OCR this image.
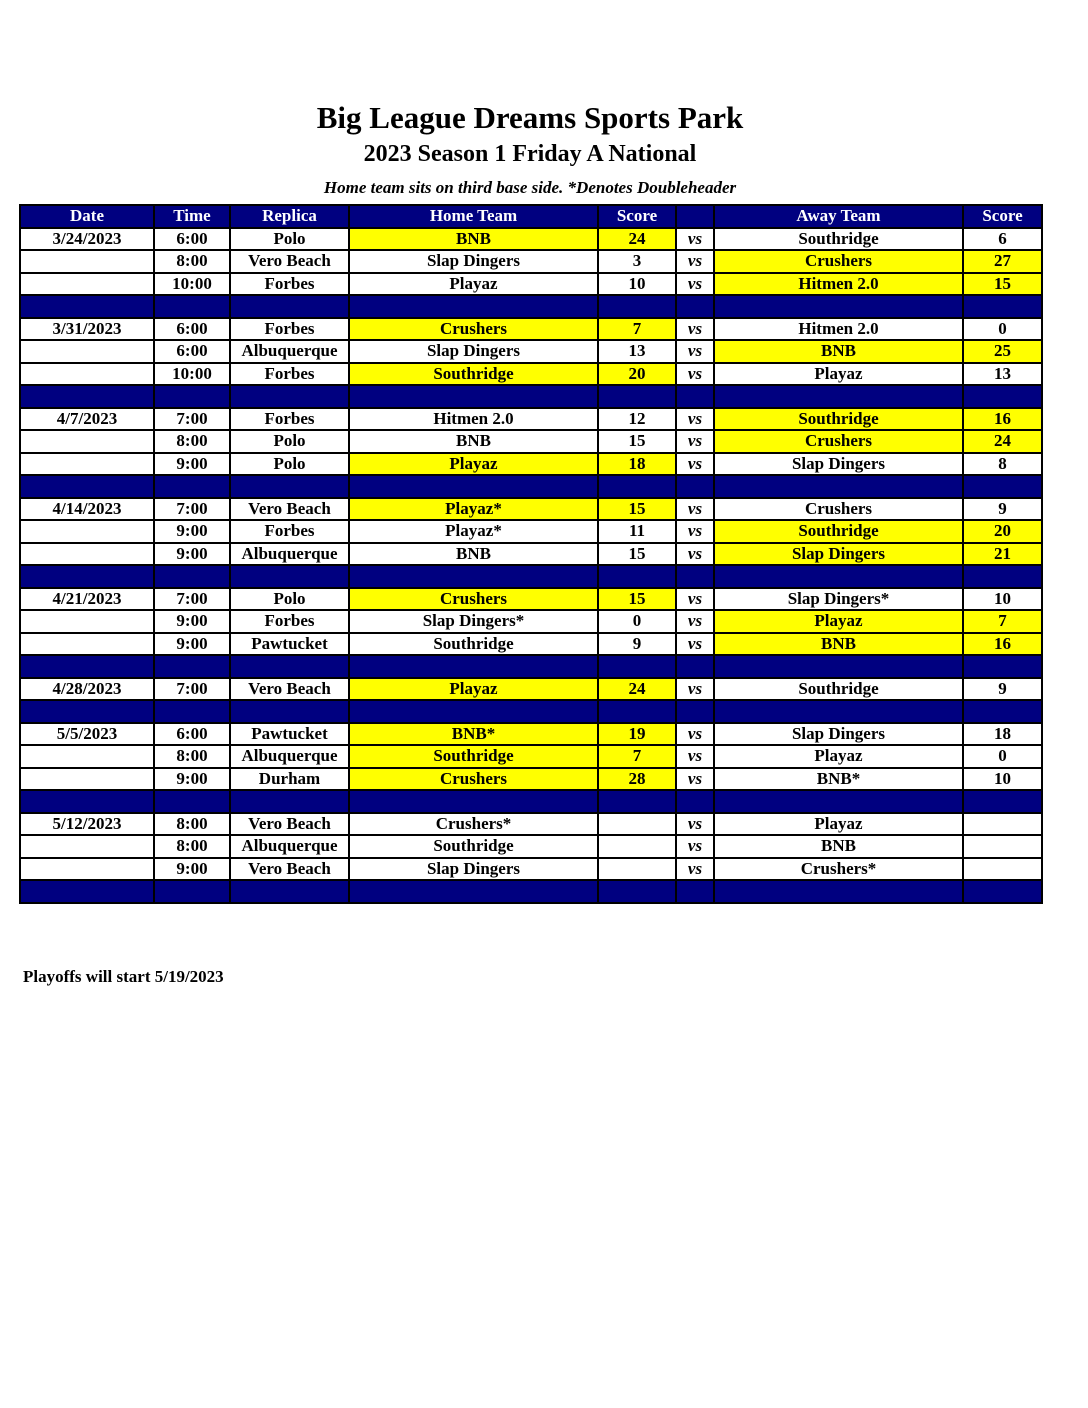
Big League Dreams Sports Park
2023 Season 1 Friday A National
Home team sits on third base side. *Denotes Doubleheader
Date	Time	Replica	Home Team	Score		Away Team	Score
3/24/2023	6:00	Polo	BNB	24	vs	Southridge	6
	8:00	Vero Beach	Slap Dingers	3	vs	Crushers	27
	10:00	Forbes	Playaz	10	vs	Hitmen 2.0	15

3/31/2023	6:00	Forbes	Crushers	7	vs	Hitmen 2.0	0
	6:00	Albuquerque	Slap Dingers	13	vs	BNB	25
	10:00	Forbes	Southridge	20	vs	Playaz	13

4/7/2023	7:00	Forbes	Hitmen 2.0	12	vs	Southridge	16
	8:00	Polo	BNB	15	vs	Crushers	24
	9:00	Polo	Playaz	18	vs	Slap Dingers	8

4/14/2023	7:00	Vero Beach	Playaz*	15	vs	Crushers	9
	9:00	Forbes	Playaz*	11	vs	Southridge	20
	9:00	Albuquerque	BNB	15	vs	Slap Dingers	21

4/21/2023	7:00	Polo	Crushers	15	vs	Slap Dingers*	10
	9:00	Forbes	Slap Dingers*	0	vs	Playaz	7
	9:00	Pawtucket	Southridge	9	vs	BNB	16

4/28/2023	7:00	Vero Beach	Playaz	24	vs	Southridge	9

5/5/2023	6:00	Pawtucket	BNB*	19	vs	Slap Dingers	18
	8:00	Albuquerque	Southridge	7	vs	Playaz	0
	9:00	Durham	Crushers	28	vs	BNB*	10

5/12/2023	8:00	Vero Beach	Crushers*		vs	Playaz	
	8:00	Albuquerque	Southridge		vs	BNB	
	9:00	Vero Beach	Slap Dingers		vs	Crushers*	

Playoffs will start 5/19/2023
